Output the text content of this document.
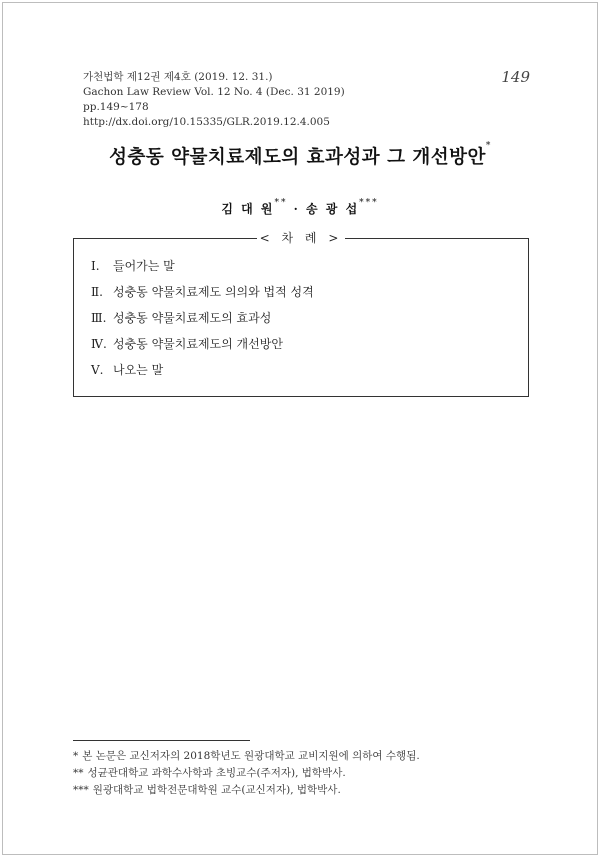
가천법학 제12권 제4호 (2019. 12. 31.)
Gachon Law Review Vol. 12 No. 4 (Dec. 31 2019)
pp.149~178
http://dx.doi.org/10.15335/GLR.2019.12.4.005
149
성충동 약물치료제도의 효과성과 그 개선방안*
김 대 원** · 송 광 섭***
< 차 례 >
Ⅰ. 들어가는 말
Ⅱ. 성충동 약물치료제도 의의와 법적 성격
Ⅲ. 성충동 약물치료제도의 효과성
Ⅳ. 성충동 약물치료제도의 개선방안
Ⅴ. 나오는 말
* 본 논문은 교신저자의 2018학년도 원광대학교 교비지원에 의하여 수행됨.
** 성균관대학교 과학수사학과 초빙교수(주저자), 법학박사.
*** 원광대학교 법학전문대학원 교수(교신저자), 법학박사.
